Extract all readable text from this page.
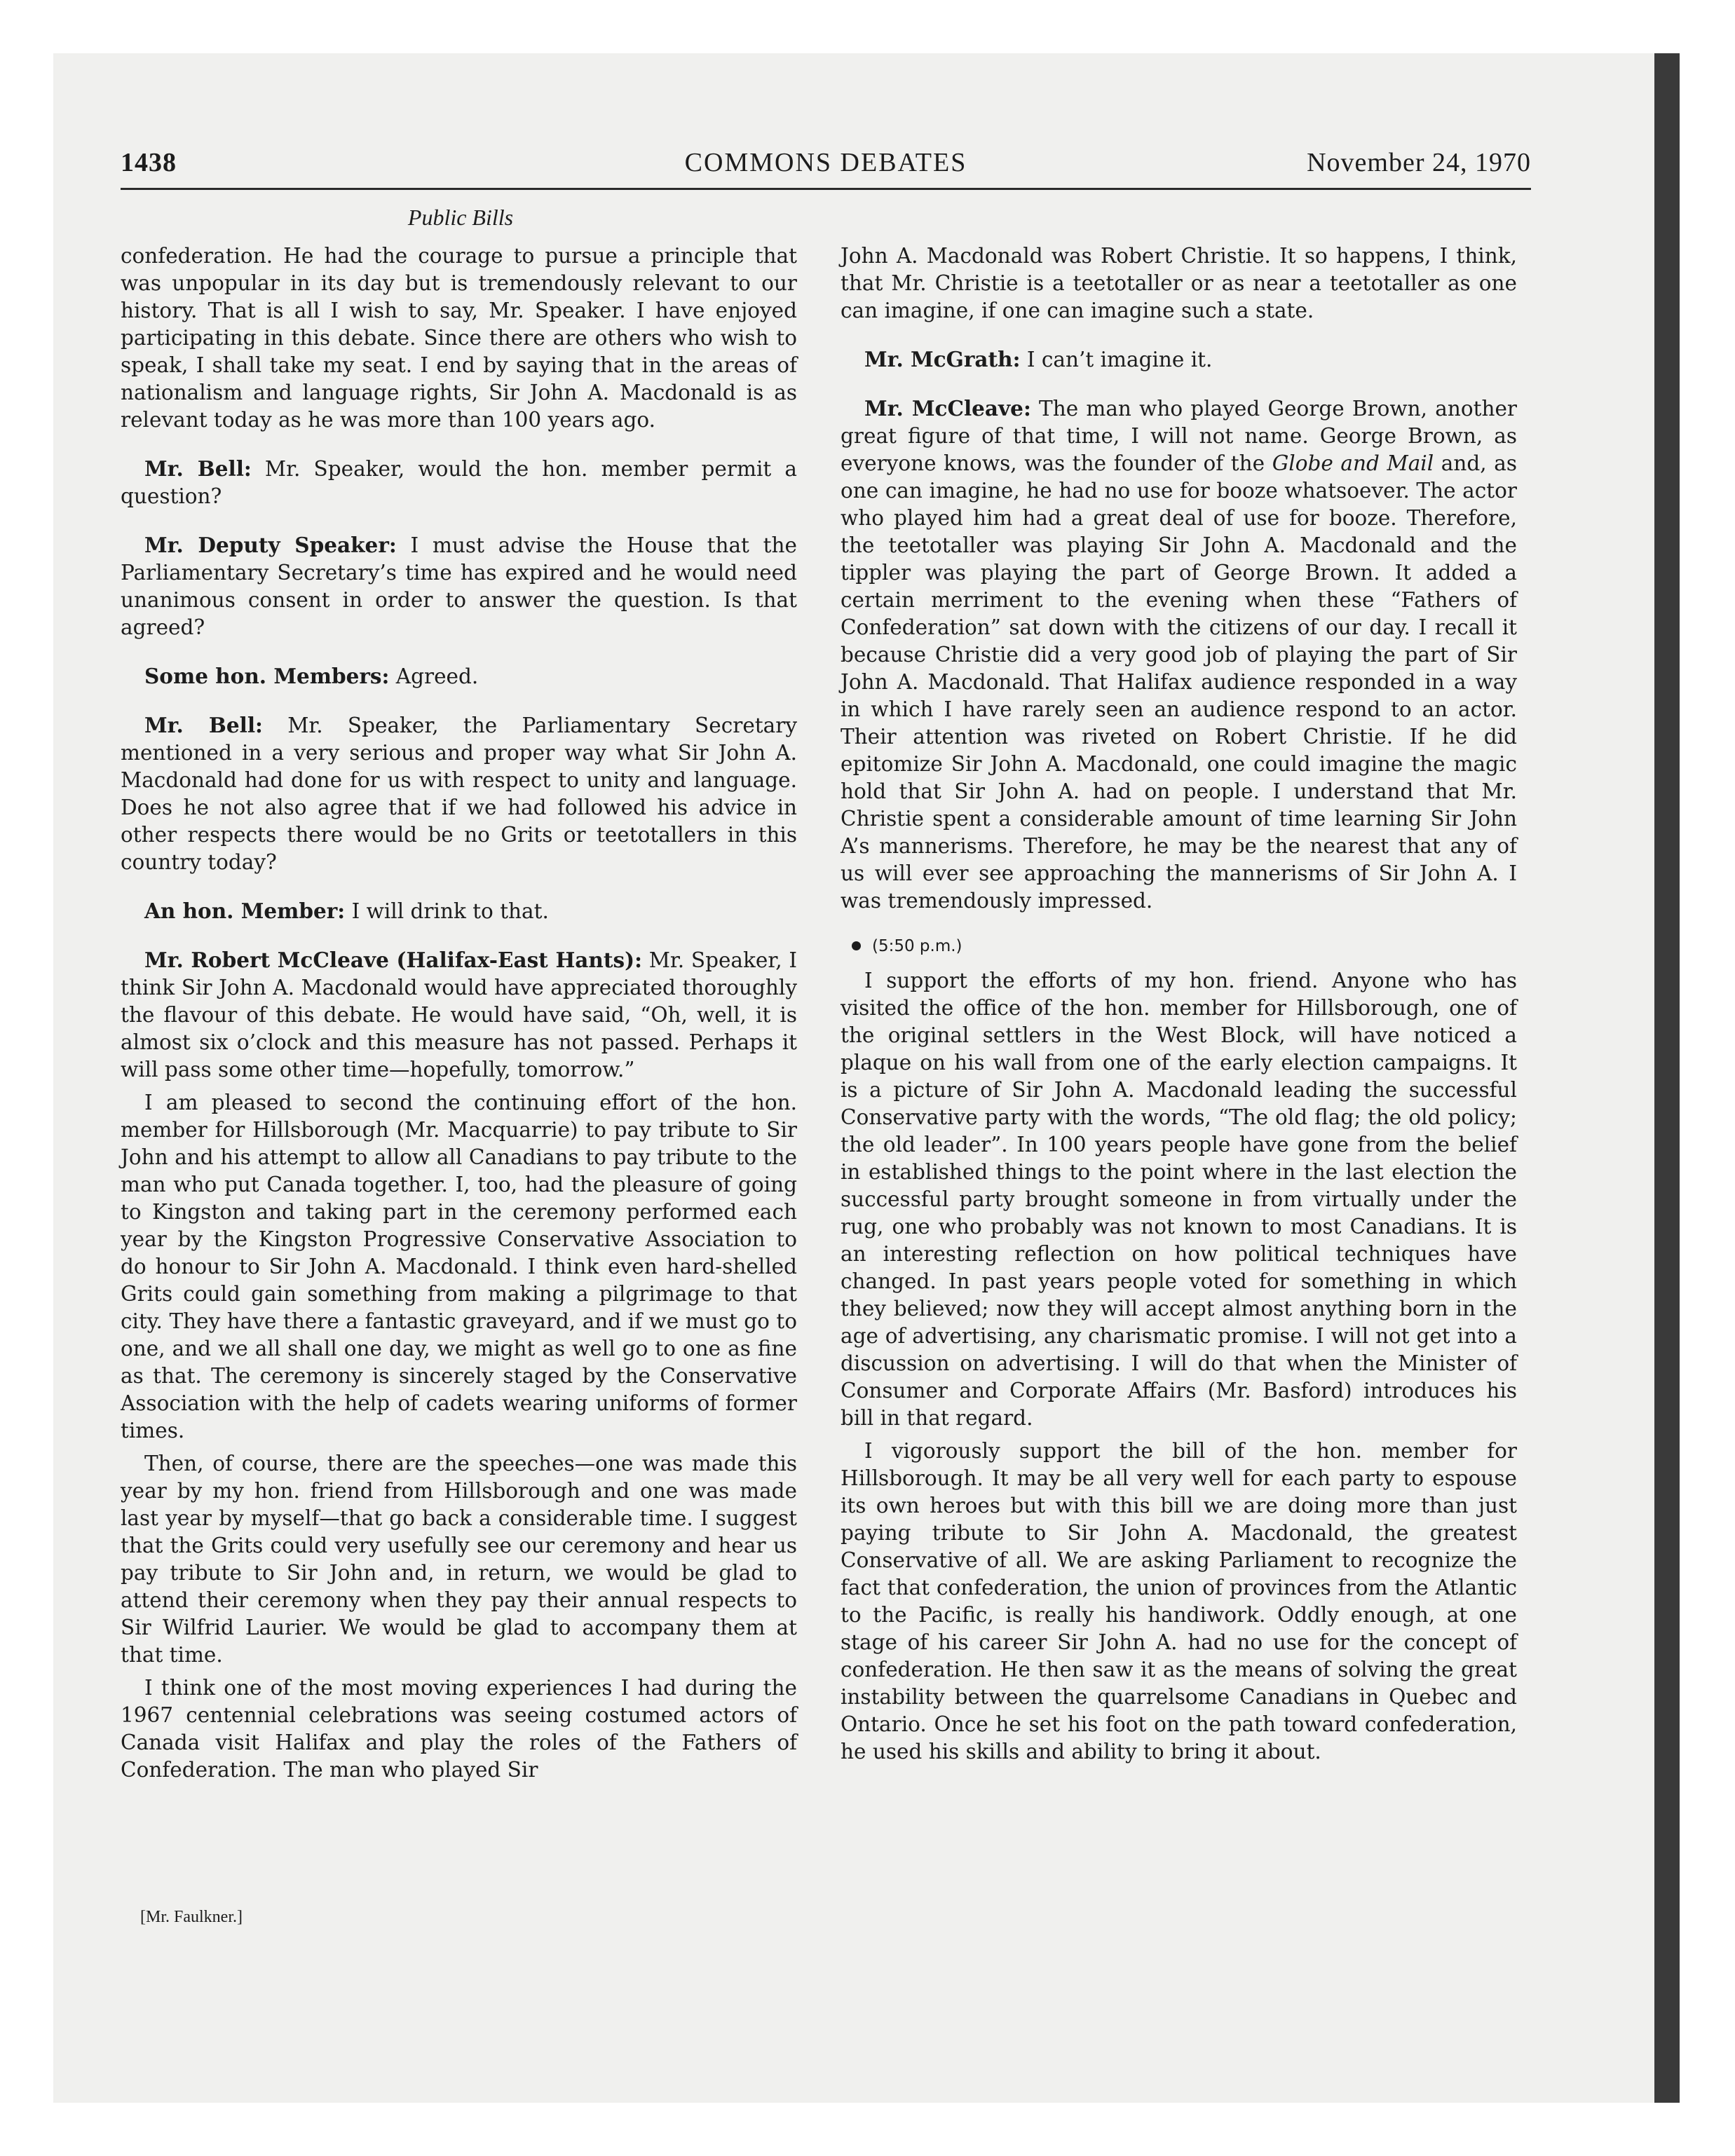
1438	COMMONS DEBATES	November 24, 1970
Public Bills

confederation. He had the courage to pursue a principle that was unpopular in its day but is tremendously relevant to our history. That is all I wish to say, Mr. Speaker. I have enjoyed participating in this debate. Since there are others who wish to speak, I shall take my seat. I end by saying that in the areas of nationalism and language rights, Sir John A. Macdonald is as relevant today as he was more than 100 years ago.

Mr. Bell: Mr. Speaker, would the hon. member permit a question?

Mr. Deputy Speaker: I must advise the House that the Parliamentary Secretary’s time has expired and he would need unanimous consent in order to answer the question. Is that agreed?

Some hon. Members: Agreed.

Mr. Bell: Mr. Speaker, the Parliamentary Secretary mentioned in a very serious and proper way what Sir John A. Macdonald had done for us with respect to unity and language. Does he not also agree that if we had followed his advice in other respects there would be no Grits or teetotallers in this country today?

An hon. Member: I will drink to that.

Mr. Robert McCleave (Halifax-East Hants): Mr. Speaker, I think Sir John A. Macdonald would have appreciated thoroughly the flavour of this debate. He would have said, “Oh, well, it is almost six o’clock and this measure has not passed. Perhaps it will pass some other time—hopefully, tomorrow.”

I am pleased to second the continuing effort of the hon. member for Hillsborough (Mr. Macquarrie) to pay tribute to Sir John and his attempt to allow all Canadians to pay tribute to the man who put Canada together. I, too, had the pleasure of going to Kingston and taking part in the ceremony performed each year by the Kingston Progressive Conservative Association to do honour to Sir John A. Macdonald. I think even hard-shelled Grits could gain something from making a pilgrimage to that city. They have there a fantastic graveyard, and if we must go to one, and we all shall one day, we might as well go to one as fine as that. The ceremony is sincerely staged by the Conservative Association with the help of cadets wearing uniforms of former times.

Then, of course, there are the speeches—one was made this year by my hon. friend from Hillsborough and one was made last year by myself—that go back a considerable time. I suggest that the Grits could very usefully see our ceremony and hear us pay tribute to Sir John and, in return, we would be glad to attend their ceremony when they pay their annual respects to Sir Wilfrid Laurier. We would be glad to accompany them at that time.

I think one of the most moving experiences I had during the 1967 centennial celebrations was seeing costumed actors of Canada visit Halifax and play the roles of the Fathers of Confederation. The man who played Sir

John A. Macdonald was Robert Christie. It so happens, I think, that Mr. Christie is a teetotaller or as near a teetotaller as one can imagine, if one can imagine such a state.

Mr. McGrath: I can’t imagine it.

Mr. McCleave: The man who played George Brown, another great figure of that time, I will not name. George Brown, as everyone knows, was the founder of the Globe and Mail and, as one can imagine, he had no use for booze whatsoever. The actor who played him had a great deal of use for booze. Therefore, the teetotaller was playing Sir John A. Macdonald and the tippler was playing the part of George Brown. It added a certain merriment to the evening when these “Fathers of Confederation” sat down with the citizens of our day. I recall it because Christie did a very good job of playing the part of Sir John A. Macdonald. That Halifax audience responded in a way in which I have rarely seen an audience respond to an actor. Their attention was riveted on Robert Christie. If he did epitomize Sir John A. Macdonald, one could imagine the magic hold that Sir John A. had on people. I understand that Mr. Christie spent a considerable amount of time learning Sir John A’s mannerisms. Therefore, he may be the nearest that any of us will ever see approaching the mannerisms of Sir John A. I was tremendously impressed.

(5:50 p.m.)

I support the efforts of my hon. friend. Anyone who has visited the office of the hon. member for Hillsborough, one of the original settlers in the West Block, will have noticed a plaque on his wall from one of the early election campaigns. It is a picture of Sir John A. Macdonald leading the successful Conservative party with the words, “The old flag; the old policy; the old leader”. In 100 years people have gone from the belief in established things to the point where in the last election the successful party brought someone in from virtually under the rug, one who probably was not known to most Canadians. It is an interesting reflection on how political techniques have changed. In past years people voted for something in which they believed; now they will accept almost anything born in the age of advertising, any charismatic promise. I will not get into a discussion on advertising. I will do that when the Minister of Consumer and Corporate Affairs (Mr. Basford) introduces his bill in that regard.

I vigorously support the bill of the hon. member for Hillsborough. It may be all very well for each party to espouse its own heroes but with this bill we are doing more than just paying tribute to Sir John A. Macdonald, the greatest Conservative of all. We are asking Parliament to recognize the fact that confederation, the union of provinces from the Atlantic to the Pacific, is really his handiwork. Oddly enough, at one stage of his career Sir John A. had no use for the concept of confederation. He then saw it as the means of solving the great instability between the quarrelsome Canadians in Quebec and Ontario. Once he set his foot on the path toward confederation, he used his skills and ability to bring it about.

[Mr. Faulkner.]
